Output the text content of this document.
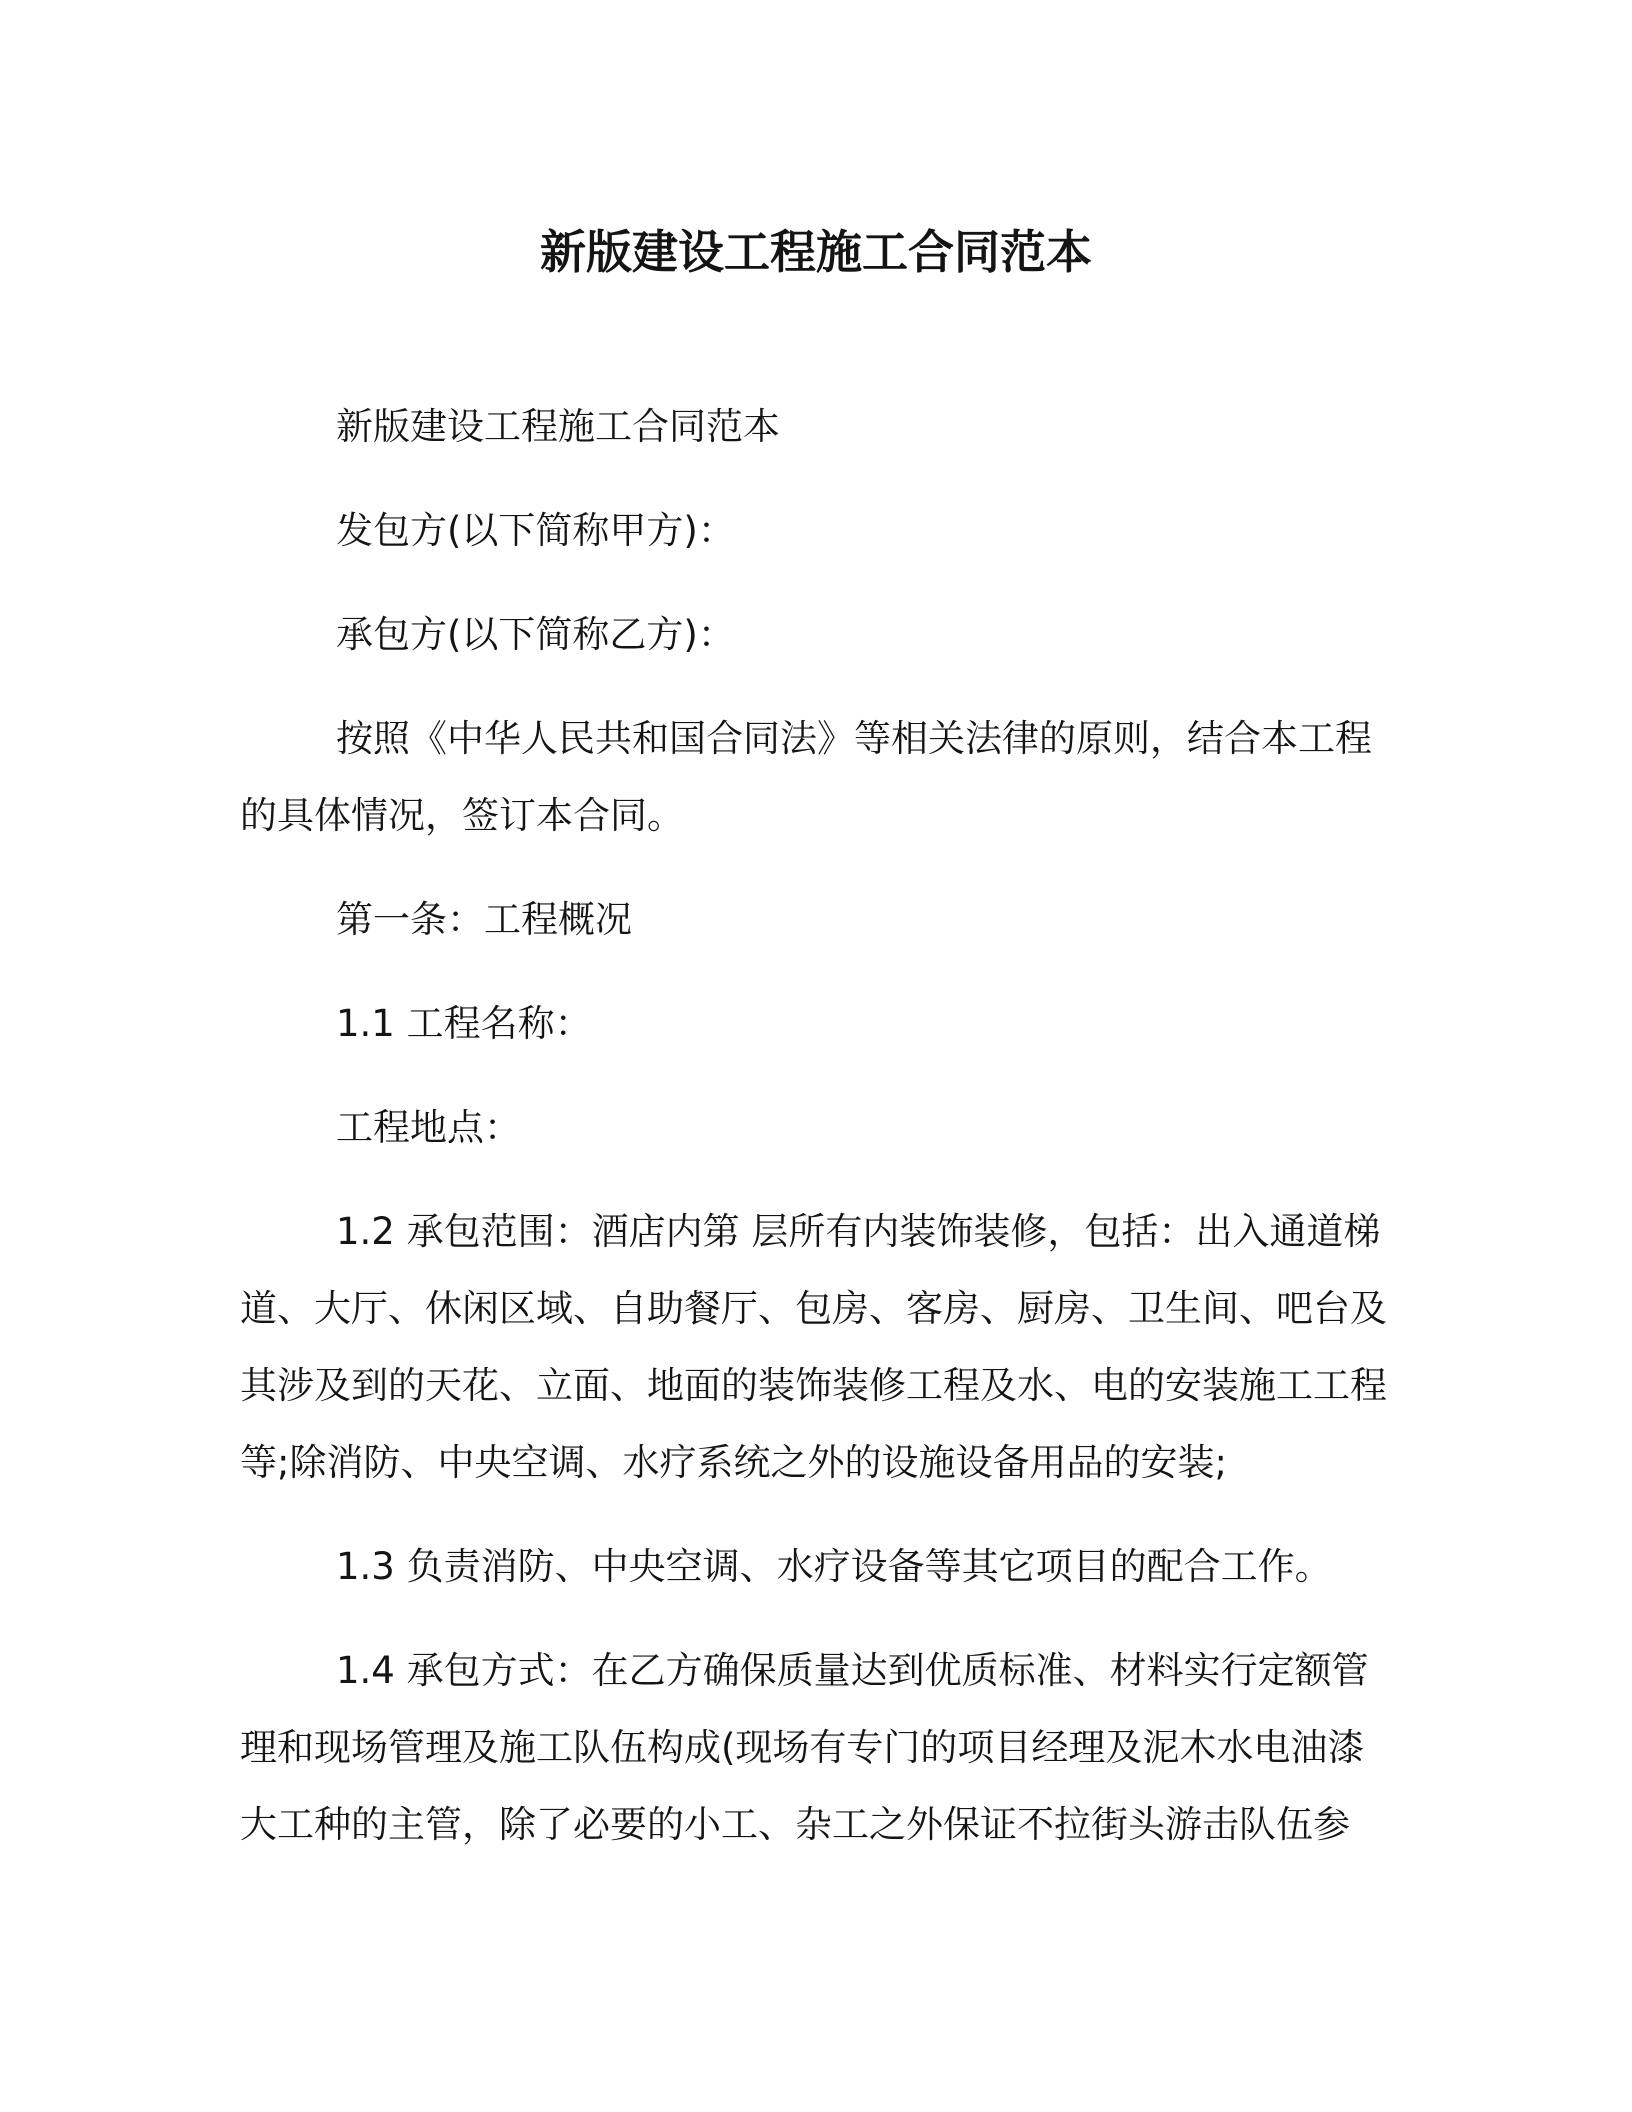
新版建设工程施工合同范本

新版建设工程施工合同范本

发包方(以下简称甲方)：

承包方(以下简称乙方)：

按照《中华人民共和国合同法》等相关法律的原则，结合本工程的具体情况，签订本合同。

第一条：工程概况

1.1 工程名称：

工程地点：

1.2 承包范围：酒店内第 层所有内装饰装修，包括：出入通道梯道、大厅、休闲区域、自助餐厅、包房、客房、厨房、卫生间、吧台及其涉及到的天花、立面、地面的装饰装修工程及水、电的安装施工工程等;除消防、中央空调、水疗系统之外的设施设备用品的安装;

1.3 负责消防、中央空调、水疗设备等其它项目的配合工作。

1.4 承包方式：在乙方确保质量达到优质标准、材料实行定额管理和现场管理及施工队伍构成(现场有专门的项目经理及泥木水电油漆大工种的主管，除了必要的小工、杂工之外保证不拉街头游击队伍参
